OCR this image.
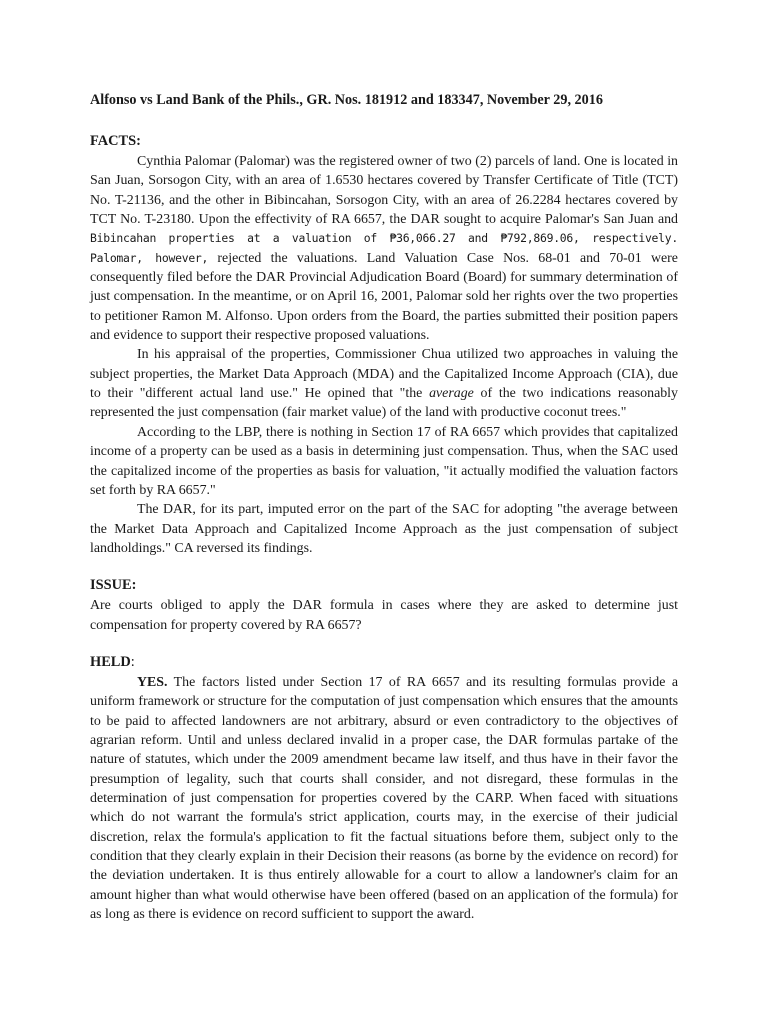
Alfonso vs Land Bank of the Phils., GR. Nos. 181912 and 183347, November 29, 2016
FACTS:

Cynthia Palomar (Palomar) was the registered owner of two (2) parcels of land. One is located in San Juan, Sorsogon City, with an area of 1.6530 hectares covered by Transfer Certificate of Title (TCT) No. T-21136, and the other in Bibincahan, Sorsogon City, with an area of 26.2284 hectares covered by TCT No. T-23180. Upon the effectivity of RA 6657, the DAR sought to acquire Palomar's San Juan and Bibincahan properties at a valuation of ₱36,066.27 and ₱792,869.06, respectively. Palomar, however, rejected the valuations. Land Valuation Case Nos. 68-01 and 70-01 were consequently filed before the DAR Provincial Adjudication Board (Board) for summary determination of just compensation. In the meantime, or on April 16, 2001, Palomar sold her rights over the two properties to petitioner Ramon M. Alfonso. Upon orders from the Board, the parties submitted their position papers and evidence to support their respective proposed valuations.

In his appraisal of the properties, Commissioner Chua utilized two approaches in valuing the subject properties, the Market Data Approach (MDA) and the Capitalized Income Approach (CIA), due to their "different actual land use." He opined that "the average of the two indications reasonably represented the just compensation (fair market value) of the land with productive coconut trees."

According to the LBP, there is nothing in Section 17 of RA 6657 which provides that capitalized income of a property can be used as a basis in determining just compensation. Thus, when the SAC used the capitalized income of the properties as basis for valuation, "it actually modified the valuation factors set forth by RA 6657."

The DAR, for its part, imputed error on the part of the SAC for adopting "the average between the Market Data Approach and Capitalized Income Approach as the just compensation of subject landholdings." CA reversed its findings.

ISSUE:

Are courts obliged to apply the DAR formula in cases where they are asked to determine just compensation for property covered by RA 6657?

HELD:

YES. The factors listed under Section 17 of RA 6657 and its resulting formulas provide a uniform framework or structure for the computation of just compensation which ensures that the amounts to be paid to affected landowners are not arbitrary, absurd or even contradictory to the objectives of agrarian reform. Until and unless declared invalid in a proper case, the DAR formulas partake of the nature of statutes, which under the 2009 amendment became law itself, and thus have in their favor the presumption of legality, such that courts shall consider, and not disregard, these formulas in the determination of just compensation for properties covered by the CARP. When faced with situations which do not warrant the formula's strict application, courts may, in the exercise of their judicial discretion, relax the formula's application to fit the factual situations before them, subject only to the condition that they clearly explain in their Decision their reasons (as borne by the evidence on record) for the deviation undertaken. It is thus entirely allowable for a court to allow a landowner's claim for an amount higher than what would otherwise have been offered (based on an application of the formula) for as long as there is evidence on record sufficient to support the award.
